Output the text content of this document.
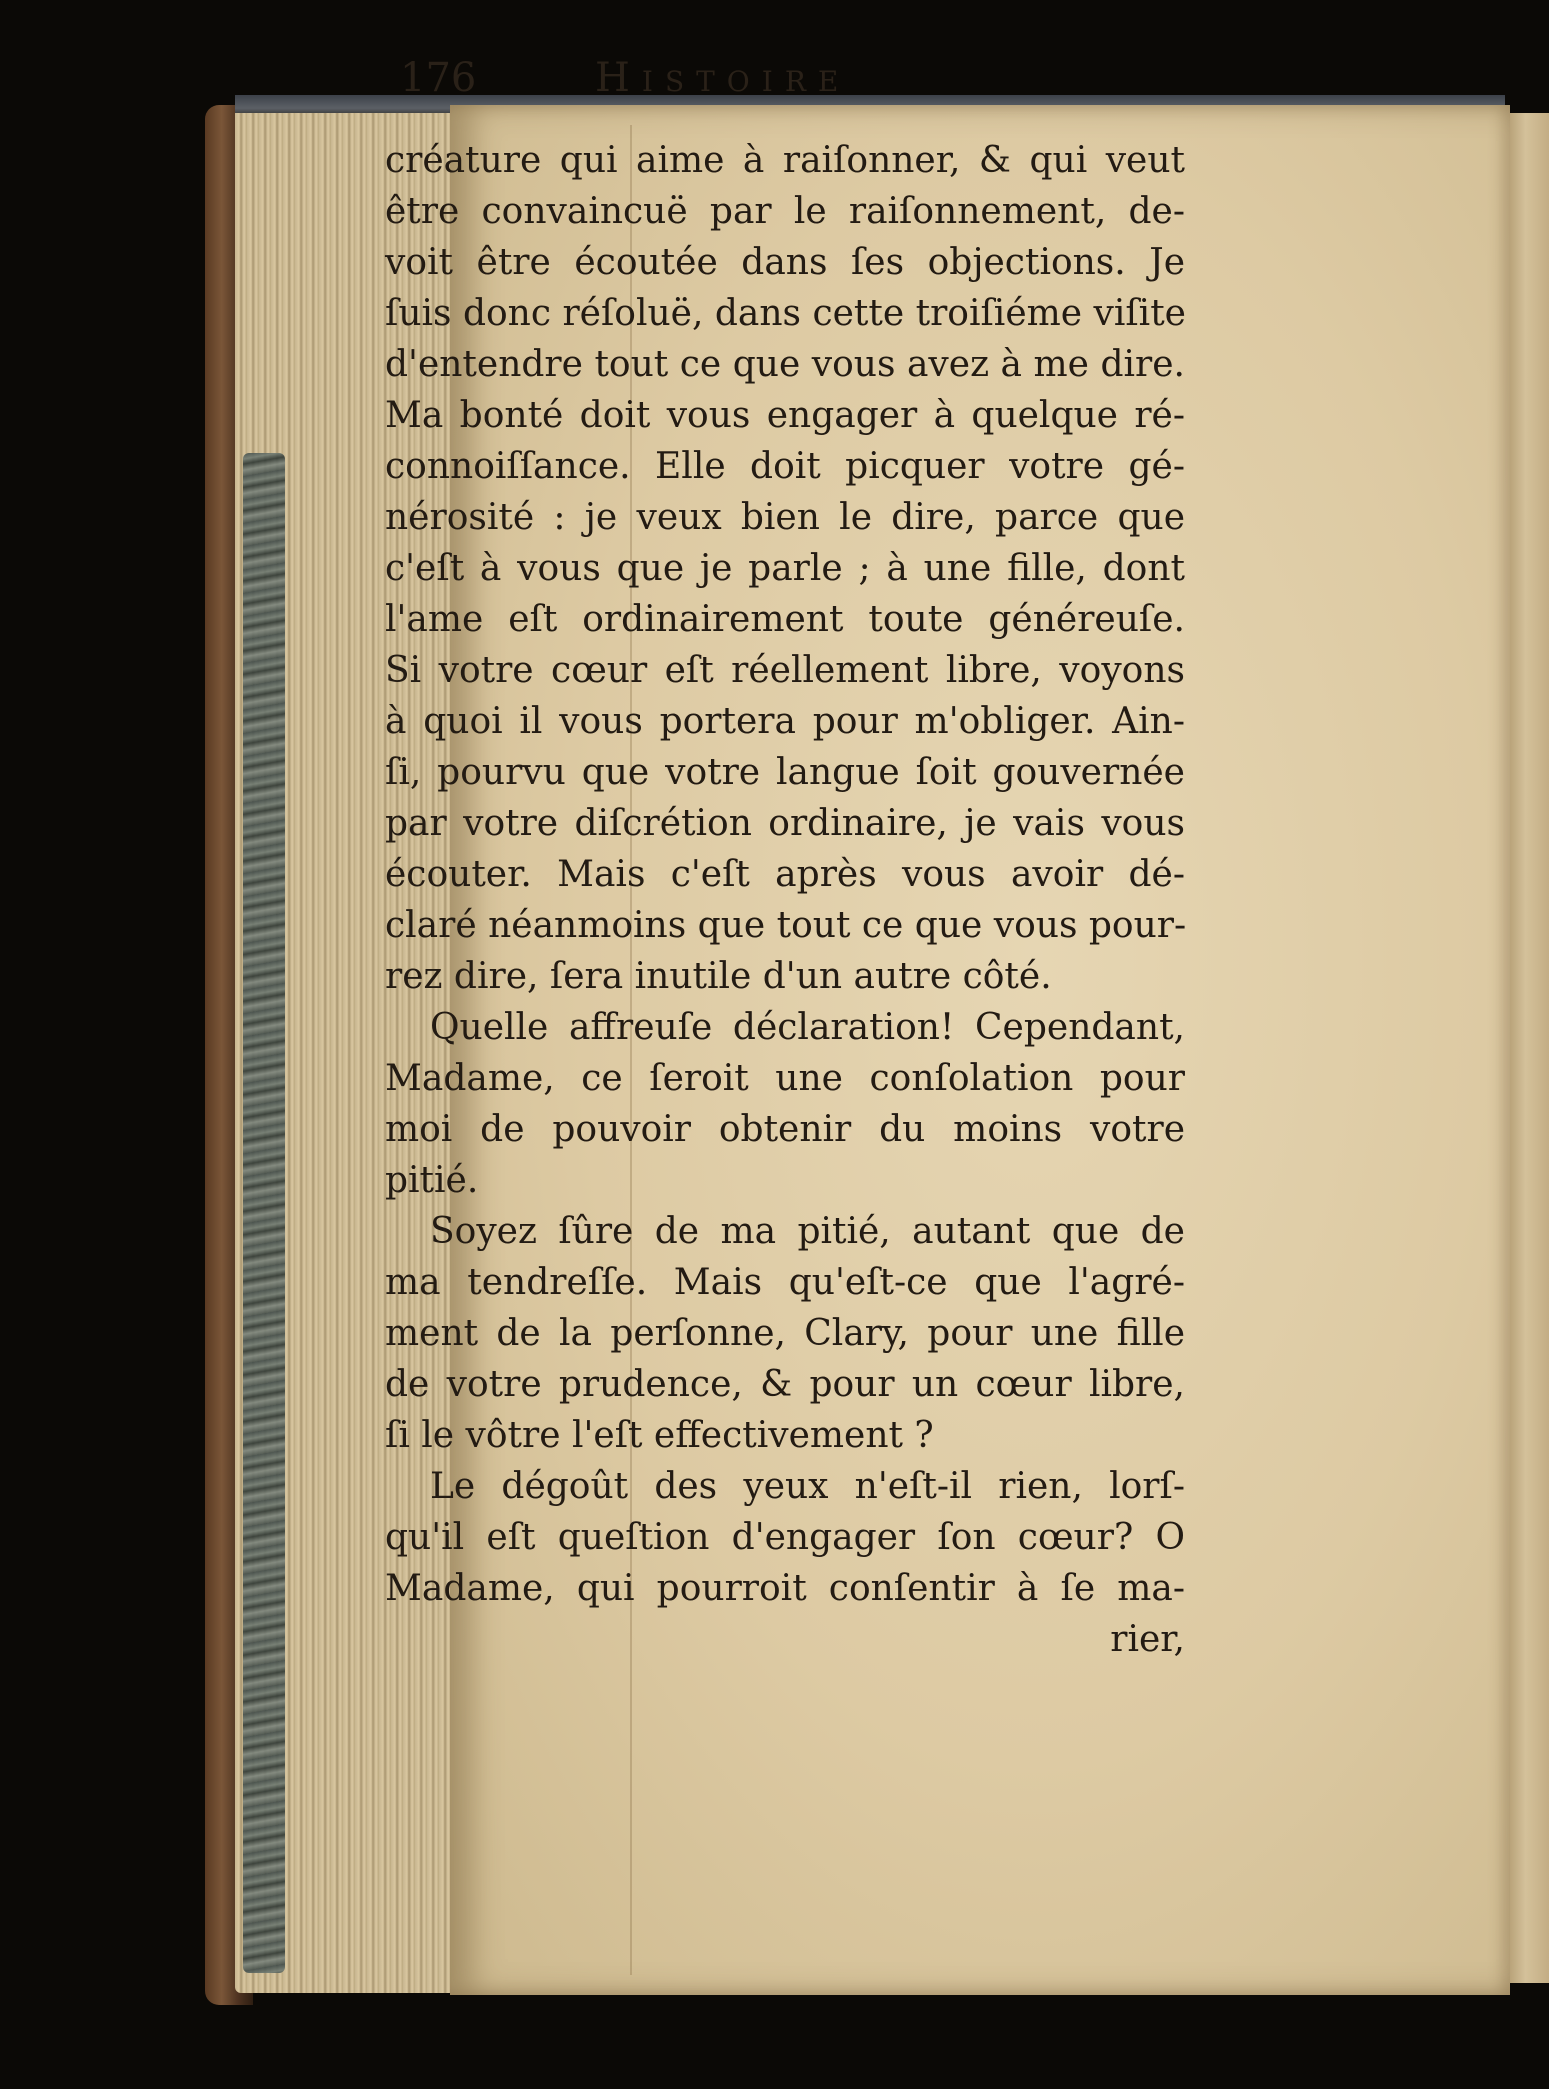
176	Histoire
créature qui aime à raiſonner, & qui veut
être convaincuë par le raiſonnement, de-
voit être écoutée dans ſes objections. Je
ſuis donc réſoluë, dans cette troiſiéme viſite
d'entendre tout ce que vous avez à me dire.
Ma bonté doit vous engager à quelque ré-
connoiſſance. Elle doit picquer votre gé-
nérosité : je veux bien le dire, parce que
c'eſt à vous que je parle ; à une fille, dont
l'ame eſt ordinairement toute généreuſe.
Si votre cœur eſt réellement libre, voyons
à quoi il vous portera pour m'obliger. Ain-
ſi, pourvu que votre langue ſoit gouvernée
par votre diſcrétion ordinaire, je vais vous
écouter. Mais c'eſt après vous avoir dé-
claré néanmoins que tout ce que vous pour-
rez dire, ſera inutile d'un autre côté.
Quelle affreuſe déclaration! Cependant,
Madame, ce ſeroit une conſolation pour
moi de pouvoir obtenir du moins votre
pitié.
Soyez ſûre de ma pitié, autant que de
ma tendreſſe. Mais qu'eſt-ce que l'agré-
ment de la perſonne, Clary, pour une fille
de votre prudence, & pour un cœur libre,
ſi le vôtre l'eſt effectivement ?
Le dégoût des yeux n'eſt-il rien, lorſ-
qu'il eſt queſtion d'engager ſon cœur? O
Madame, qui pourroit conſentir à ſe ma-
rier,
